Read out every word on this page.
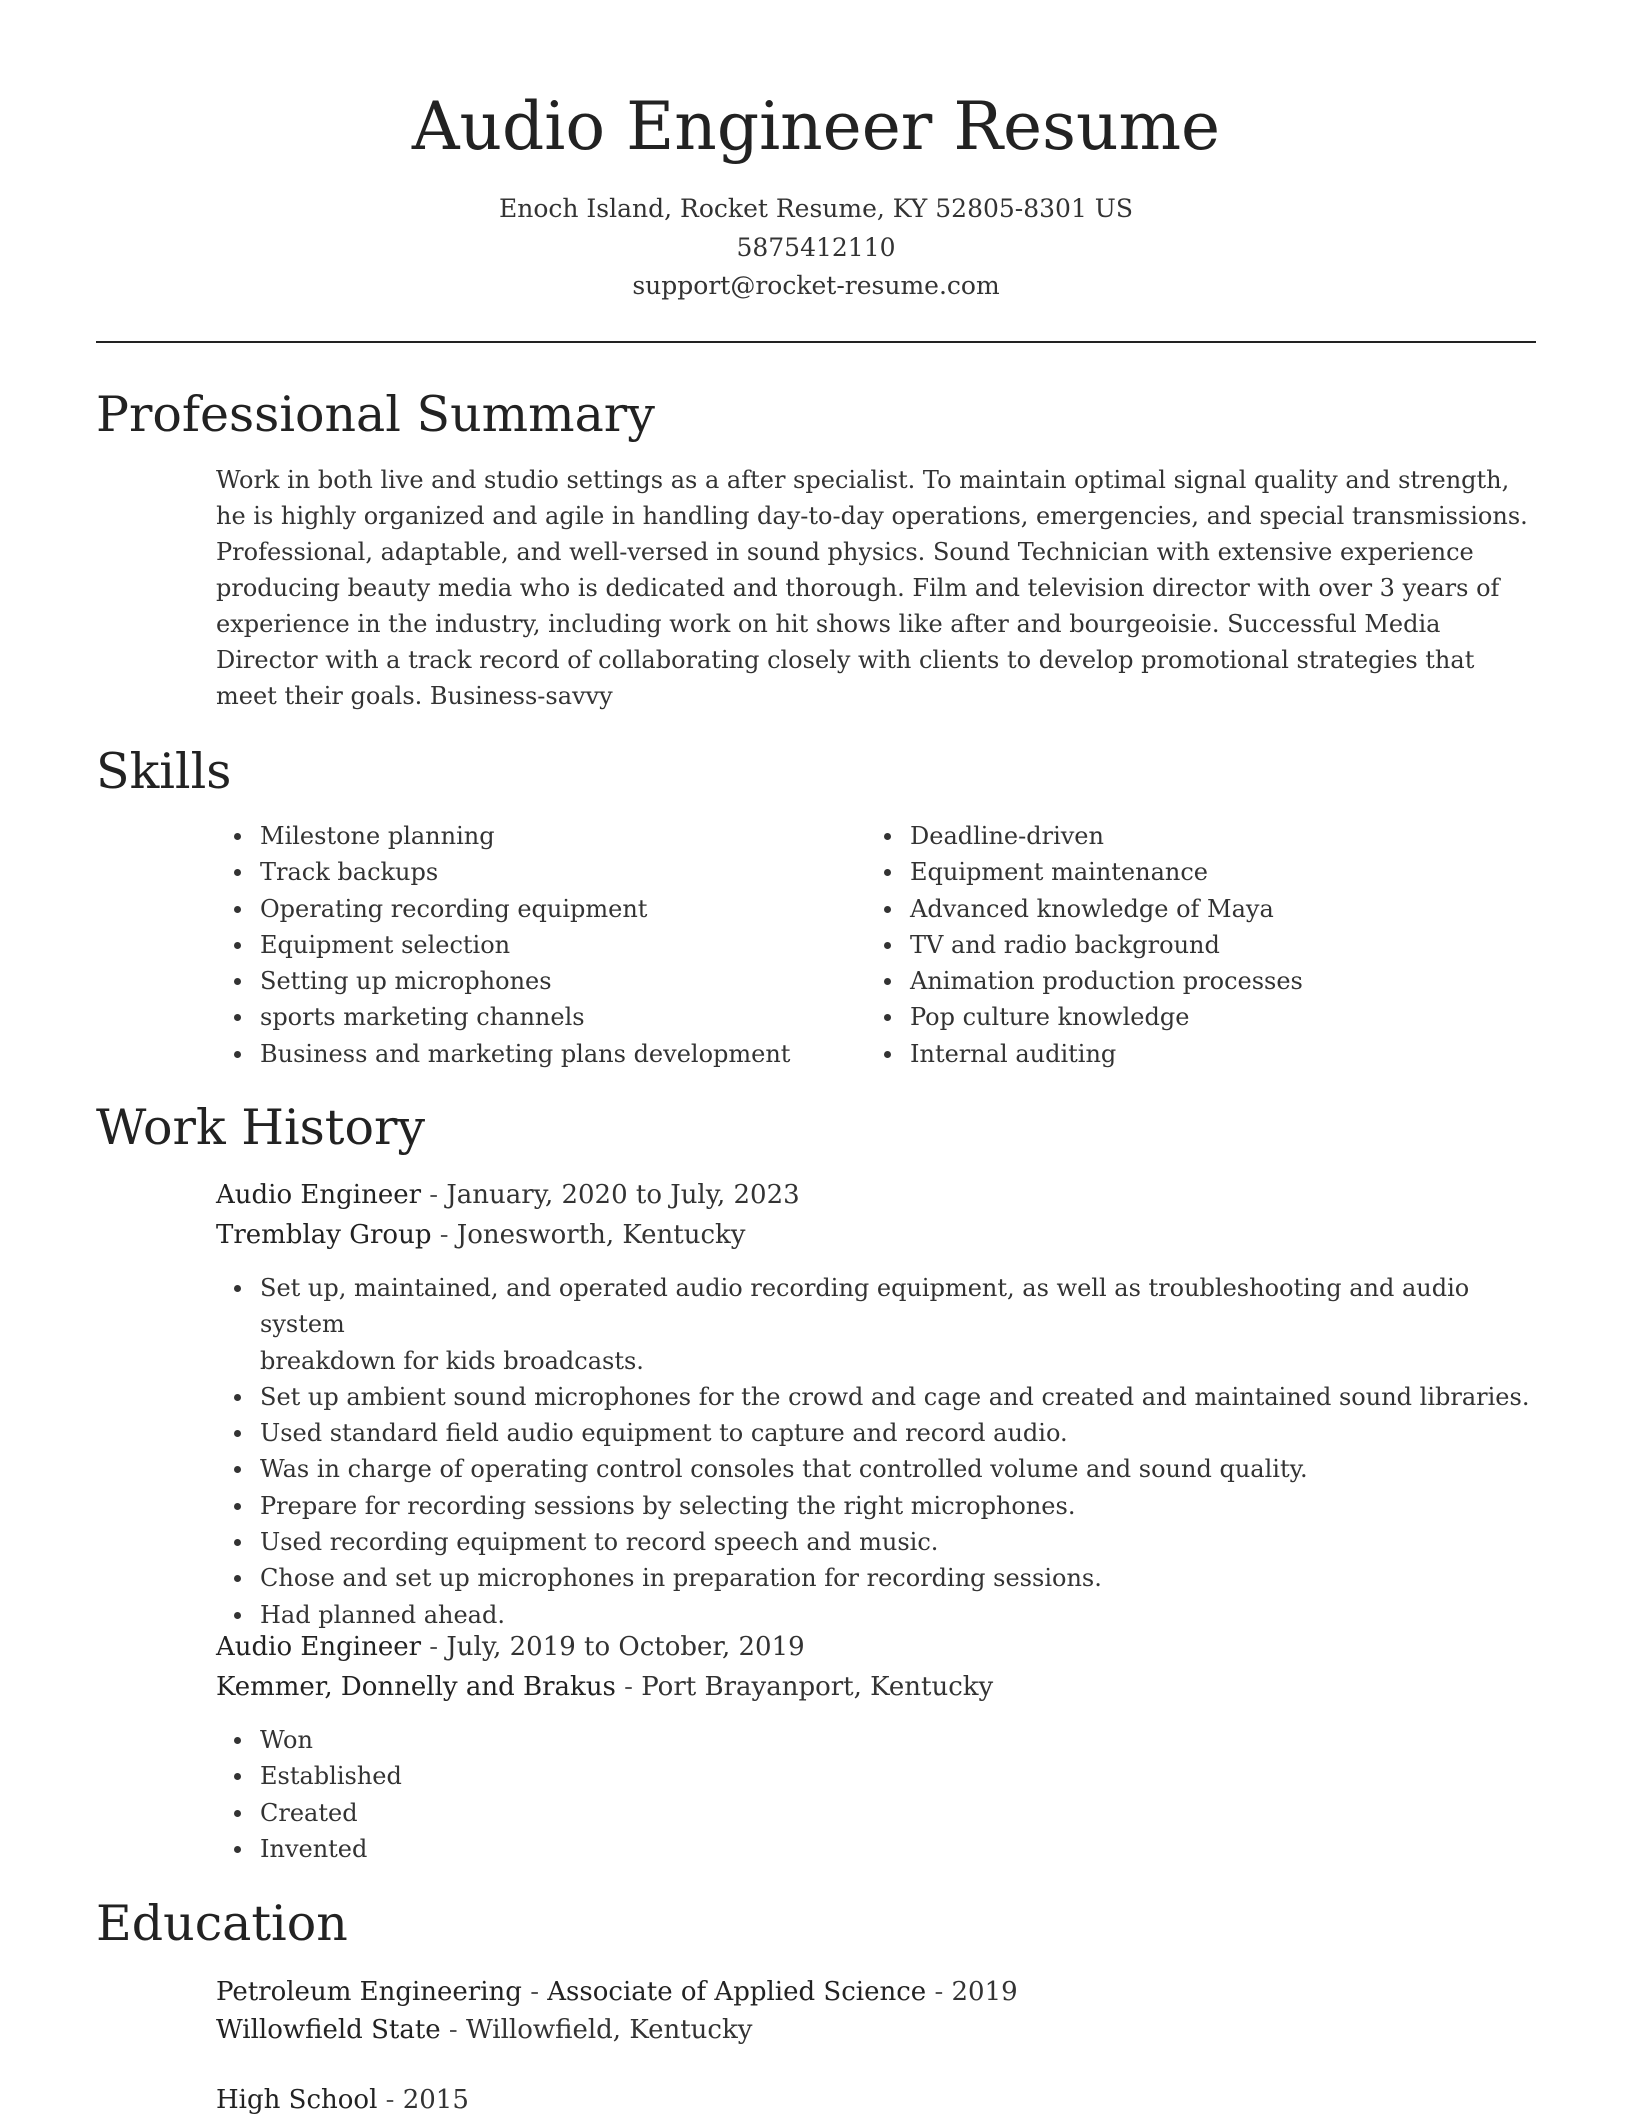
Audio Engineer Resume
Enoch Island, Rocket Resume, KY 52805-8301 US
5875412110
support@rocket-resume.com
Professional Summary

Work in both live and studio settings as a after specialist. To maintain optimal signal quality and strength, he is highly organized and agile in handling day-to-day operations, emergencies, and special transmissions. Professional, adaptable, and well-versed in sound physics. Sound Technician with extensive experience producing beauty media who is dedicated and thorough. Film and television director with over 3 years of experience in the industry, including work on hit shows like after and bourgeoisie. Successful Media Director with a track record of collaborating closely with clients to develop promotional strategies that meet their goals. Business-savvy

Skills
Milestone planning
Track backups
Operating recording equipment
Equipment selection
Setting up microphones
sports marketing channels
Business and marketing plans development
Deadline-driven
Equipment maintenance
Advanced knowledge of Maya
TV and radio background
Animation production processes
Pop culture knowledge
Internal auditing
Work History
Audio Engineer - January, 2020 to July, 2023
Tremblay Group - Jonesworth, Kentucky
Set up, maintained, and operated audio recording equipment, as well as troubleshooting and audio system
breakdown for kids broadcasts.
Set up ambient sound microphones for the crowd and cage and created and maintained sound libraries.
Used standard field audio equipment to capture and record audio.
Was in charge of operating control consoles that controlled volume and sound quality.
Prepare for recording sessions by selecting the right microphones.
Used recording equipment to record speech and music.
Chose and set up microphones in preparation for recording sessions.
Had planned ahead.
Audio Engineer - July, 2019 to October, 2019
Kemmer, Donnelly and Brakus - Port Brayanport, Kentucky
Won
Established
Created
Invented
Education
Petroleum Engineering - Associate of Applied Science - 2019
Willowfield State - Willowfield, Kentucky
High School - 2015
